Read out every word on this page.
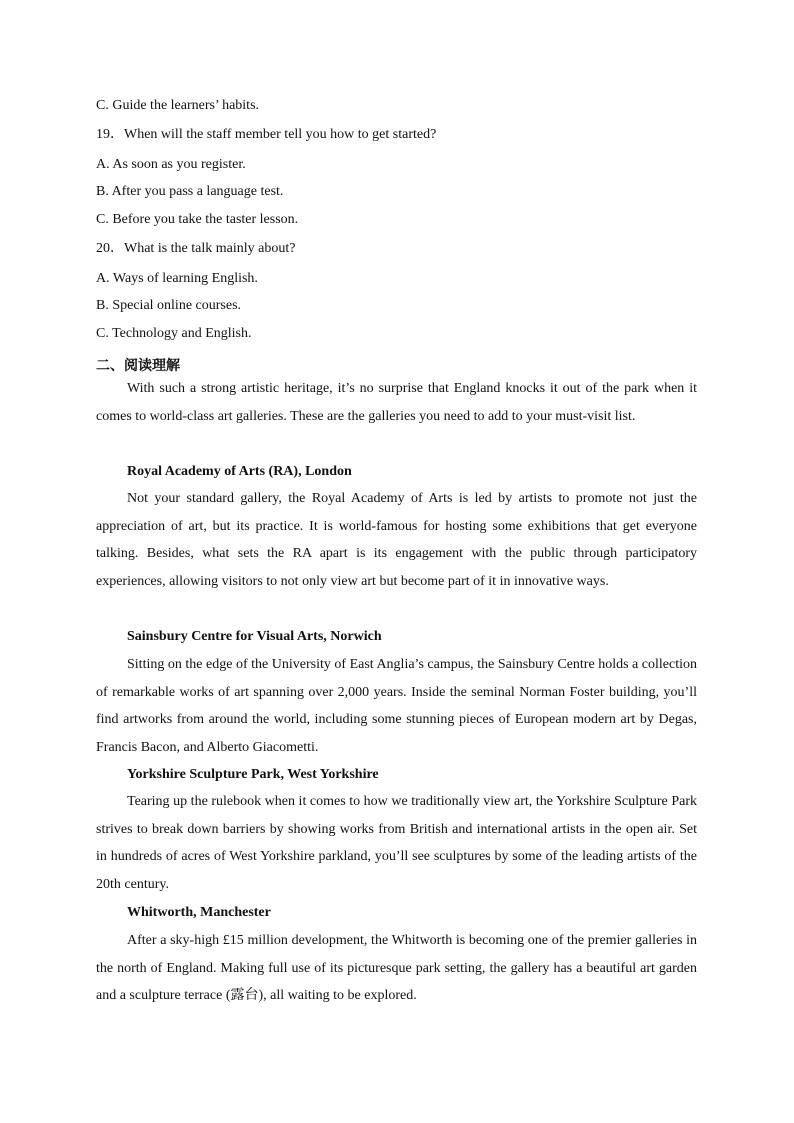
C. Guide the learners’ habits.
19．When will the staff member tell you how to get started?
A. As soon as you register.
B. After you pass a language test.
C. Before you take the taster lesson.
20．What is the talk mainly about?
A. Ways of learning English.
B. Special online courses.
C. Technology and English.
二、阅读理解
With such a strong artistic heritage, it’s no surprise that England knocks it out of the park when it comes to world-class art galleries. These are the galleries you need to add to your must-visit list.
Royal Academy of Arts (RA), London
Not your standard gallery, the Royal Academy of Arts is led by artists to promote not just the appreciation of art, but its practice. It is world-famous for hosting some exhibitions that get everyone talking. Besides, what sets the RA apart is its engagement with the public through participatory experiences, allowing visitors to not only view art but become part of it in innovative ways.
Sainsbury Centre for Visual Arts, Norwich
Sitting on the edge of the University of East Anglia’s campus, the Sainsbury Centre holds a collection of remarkable works of art spanning over 2,000 years. Inside the seminal Norman Foster building, you’ll find artworks from around the world, including some stunning pieces of European modern art by Degas, Francis Bacon, and Alberto Giacometti.
Yorkshire Sculpture Park, West Yorkshire
Tearing up the rulebook when it comes to how we traditionally view art, the Yorkshire Sculpture Park strives to break down barriers by showing works from British and international artists in the open air. Set in hundreds of acres of West Yorkshire parkland, you’ll see sculptures by some of the leading artists of the 20th century.
Whitworth, Manchester
After a sky-high £15 million development, the Whitworth is becoming one of the premier galleries in the north of England. Making full use of its picturesque park setting, the gallery has a beautiful art garden and a sculpture terrace (露台), all waiting to be explored.
